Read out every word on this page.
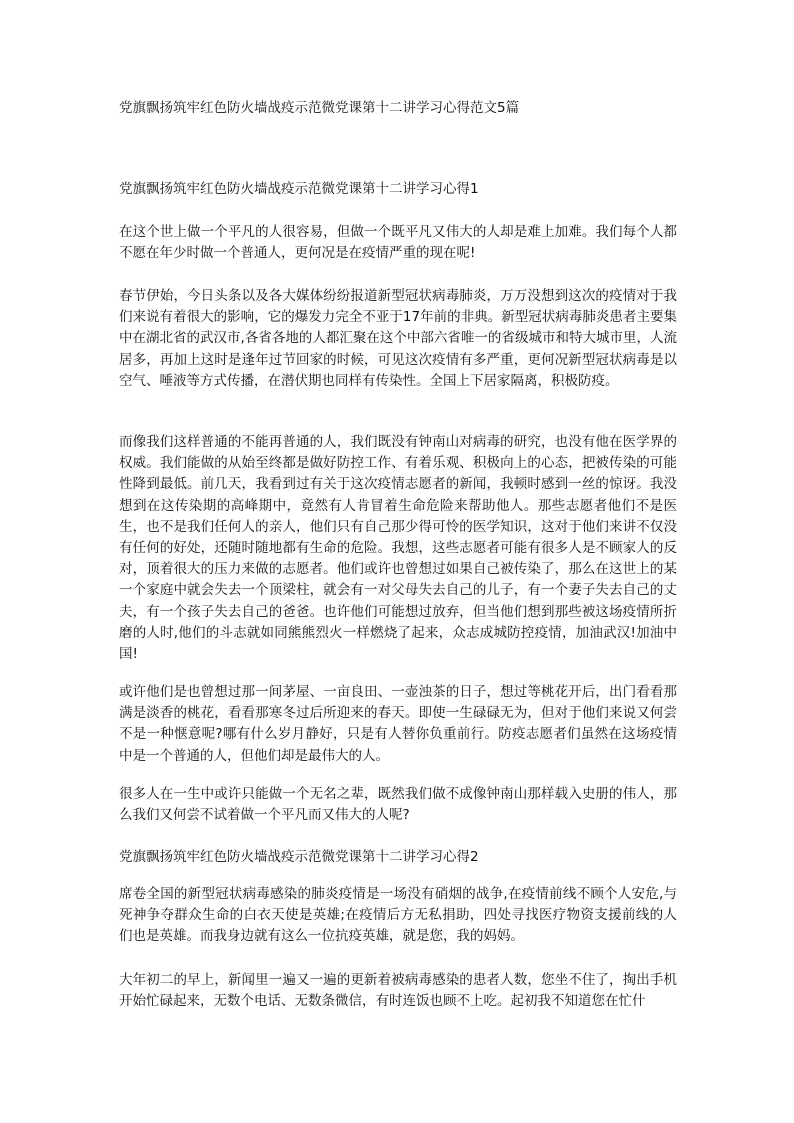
党旗飘扬筑牢红色防火墙战疫示范微党课第十二讲学习心得范文5篇
党旗飘扬筑牢红色防火墙战疫示范微党课第十二讲学习心得1

在这个世上做一个平凡的人很容易，但做一个既平凡又伟大的人却是难上加难。我们每个人都不愿在年少时做一个普通人，更何况是在疫情严重的现在呢!

春节伊始，今日头条以及各大媒体纷纷报道新型冠状病毒肺炎，万万没想到这次的疫情对于我们来说有着很大的影响，它的爆发力完全不亚于17年前的非典。新型冠状病毒肺炎患者主要集中在湖北省的武汉市,各省各地的人都汇聚在这个中部六省唯一的省级城市和特大城市里，人流居多，再加上这时是逢年过节回家的时候，可见这次疫情有多严重，更何况新型冠状病毒是以空气、唾液等方式传播，在潜伏期也同样有传染性。全国上下居家隔离，积极防疫。

而像我们这样普通的不能再普通的人，我们既没有钟南山对病毒的研究，也没有他在医学界的权威。我们能做的从始至终都是做好防控工作、有着乐观、积极向上的心态，把被传染的可能性降到最低。前几天，我看到过有关于这次疫情志愿者的新闻，我顿时感到一丝的惊讶。我没想到在这传染期的高峰期中，竟然有人肯冒着生命危险来帮助他人。那些志愿者他们不是医生，也不是我们任何人的亲人，他们只有自己那少得可怜的医学知识，这对于他们来讲不仅没有任何的好处，还随时随地都有生命的危险。我想，这些志愿者可能有很多人是不顾家人的反对，顶着很大的压力来做的志愿者。他们或许也曾想过如果自己被传染了，那么在这世上的某一个家庭中就会失去一个顶梁柱，就会有一对父母失去自己的儿子，有一个妻子失去自己的丈夫，有一个孩子失去自己的爸爸。也许他们可能想过放弃，但当他们想到那些被这场疫情所折磨的人时,他们的斗志就如同熊熊烈火一样燃烧了起来，众志成城防控疫情，加油武汉!加油中国!

或许他们是也曾想过那一间茅屋、一亩良田、一壶浊茶的日子，想过等桃花开后，出门看看那满是淡香的桃花，看看那寒冬过后所迎来的春天。即使一生碌碌无为，但对于他们来说又何尝不是一种惬意呢?哪有什么岁月静好，只是有人替你负重前行。防疫志愿者们虽然在这场疫情中是一个普通的人，但他们却是最伟大的人。

很多人在一生中或许只能做一个无名之辈，既然我们做不成像钟南山那样载入史册的伟人，那么我们又何尝不试着做一个平凡而又伟大的人呢?

党旗飘扬筑牢红色防火墙战疫示范微党课第十二讲学习心得2

席卷全国的新型冠状病毒感染的肺炎疫情是一场没有硝烟的战争,在疫情前线不顾个人安危,与死神争夺群众生命的白衣天使是英雄;在疫情后方无私捐助，四处寻找医疗物资支援前线的人们也是英雄。而我身边就有这么一位抗疫英雄，就是您，我的妈妈。

大年初二的早上，新闻里一遍又一遍的更新着被病毒感染的患者人数，您坐不住了，掏出手机开始忙碌起来，无数个电话、无数条微信，有时连饭也顾不上吃。起初我不知道您在忙什
